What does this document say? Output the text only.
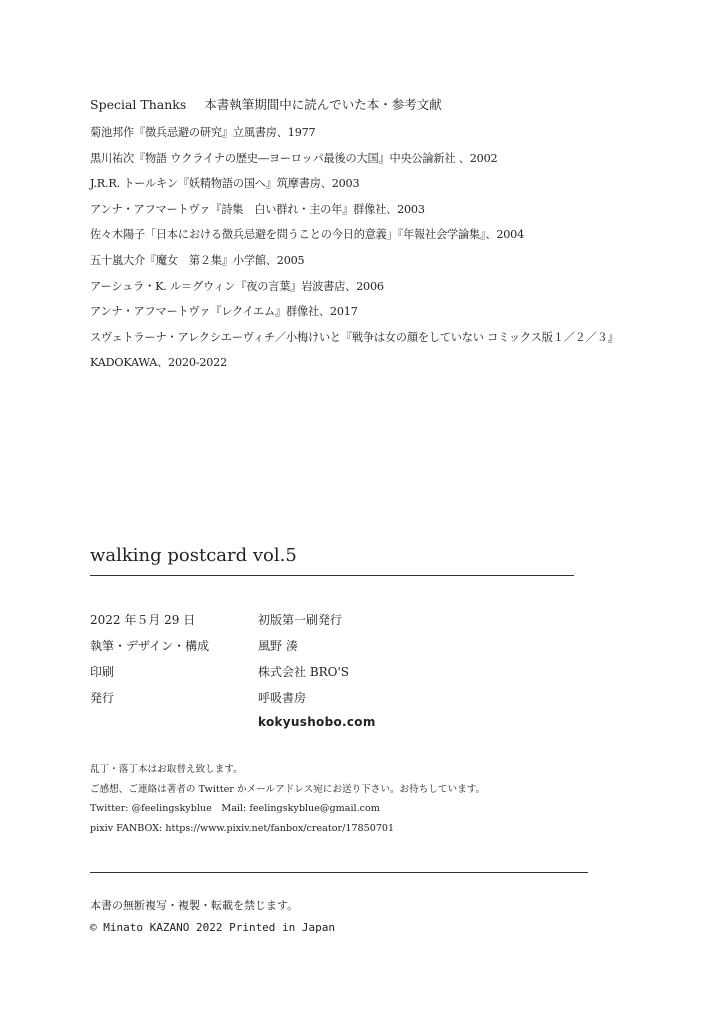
Special Thanks 本書執筆期間中に読んでいた本・参考文献
菊池邦作『徴兵忌避の研究』立風書房、1977
黒川祐次『物語 ウクライナの歴史―ヨーロッパ最後の大国』中央公論新社 、2002
J.R.R. トールキン『妖精物語の国へ』筑摩書房、2003
アンナ・アフマートヴァ『詩集　白い群れ・主の年』群像社、2003
佐々木陽子「日本における徴兵忌避を問うことの今日的意義」『年報社会学論集』、2004
五十嵐大介『魔女　第２集』小学館、2005
アーシュラ・K. ル＝グウィン『夜の言葉』岩波書店、2006
アンナ・アフマートヴァ『レクイエム』群像社、2017
スヴェトラーナ・アレクシエーヴィチ／小梅けいと『戦争は女の顔をしていない コミックス版１／２／３』
KADOKAWA、2020-2022
walking postcard vol.5
2022 年５月 29 日	初版第一刷発行
執筆・デザイン・構成	風野 湊
印刷	株式会社 BRO'S
発行	呼吸書房
kokyushobo.com
乱丁・落丁本はお取替え致します。
ご感想、ご連絡は著者の Twitter かメールアドレス宛にお送り下さい。お待ちしています。
Twitter: @feelingskyblue　Mail: feelingskyblue@gmail.com
pixiv FANBOX: https://www.pixiv.net/fanbox/creator/17850701
本書の無断複写・複製・転載を禁じます。
© Minato KAZANO 2022 Printed in Japan
